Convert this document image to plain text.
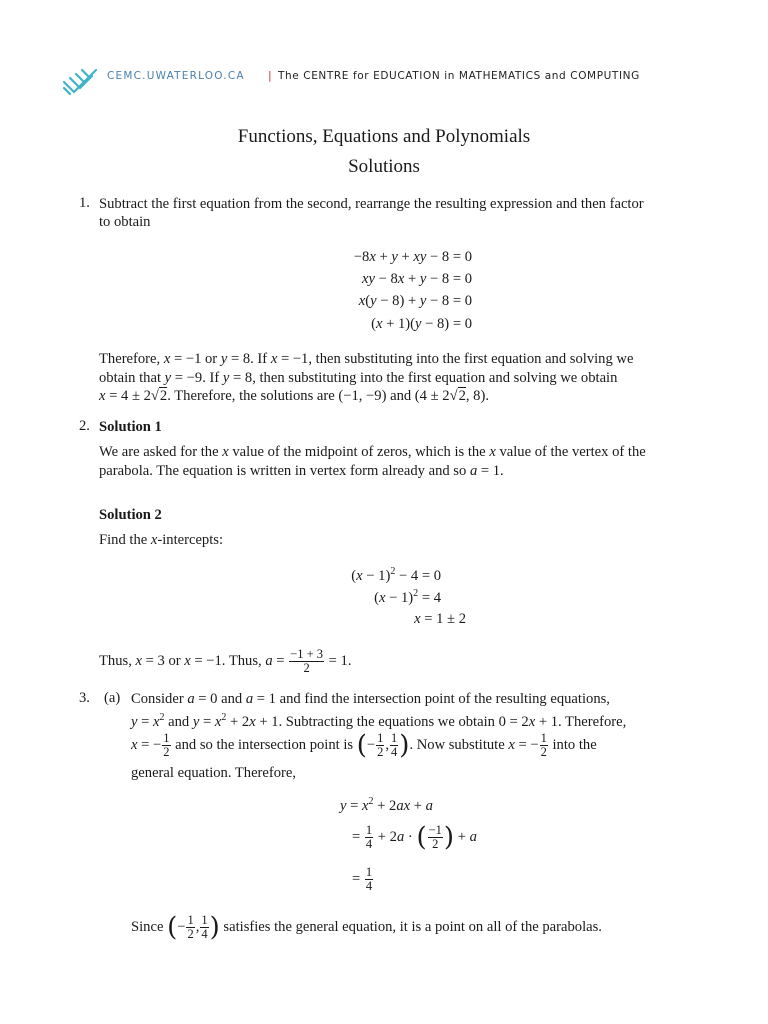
CEMC.UWATERLOO.CA | The CENTRE for EDUCATION in MATHEMATICS and COMPUTING
Functions, Equations and Polynomials
Solutions
1. Subtract the first equation from the second, rearrange the resulting expression and then factor
to obtain
−8x + y + xy − 8 = 0
xy − 8x + y − 8 = 0
x(y − 8) + y − 8 = 0
(x + 1)(y − 8) = 0
Therefore, x = −1 or y = 8. If x = −1, then substituting into the first equation and solving we
obtain that y = −9. If y = 8, then substituting into the first equation and solving we obtain
x = 4 ± 2√2. Therefore, the solutions are (−1, −9) and (4 ± 2√2, 8).
2. Solution 1
We are asked for the x value of the midpoint of zeros, which is the x value of the vertex of the
parabola. The equation is written in vertex form already and so a = 1.
Solution 2
Find the x-intercepts:
$(x - 1)^2 - 4 = 0$
$(x - 1)^2 = 4$
x = 1 ± 2
Thus, x = 3 or x = −1. Thus, $a = \frac{-1 + 3}{2} = 1$.
3. (a) Consider a = 0 and a = 1 and find the intersection point of the resulting equations,
$y = x^2$ and $y = x^2 + 2x + 1$. Subtracting the equations we obtain 0 = 2x + 1. Therefore,
x = − $\frac{1}{2}$ and so the intersection point is (− $\frac{1}{2}$ , $\frac{1}{4}$ ). Now substitute x = − $\frac{1}{2}$ into the
general equation. Therefore,
$y = x^2 + 2ax + a$
= $\frac{1}{4} + 2a$ · ( $\frac{-1}{2}$ ) + a
= $\frac{1}{4}$
Since (− $\frac{1}{2}$ , $\frac{1}{4}$ ) satisfies the general equation, it is a point on all of the parabolas.
